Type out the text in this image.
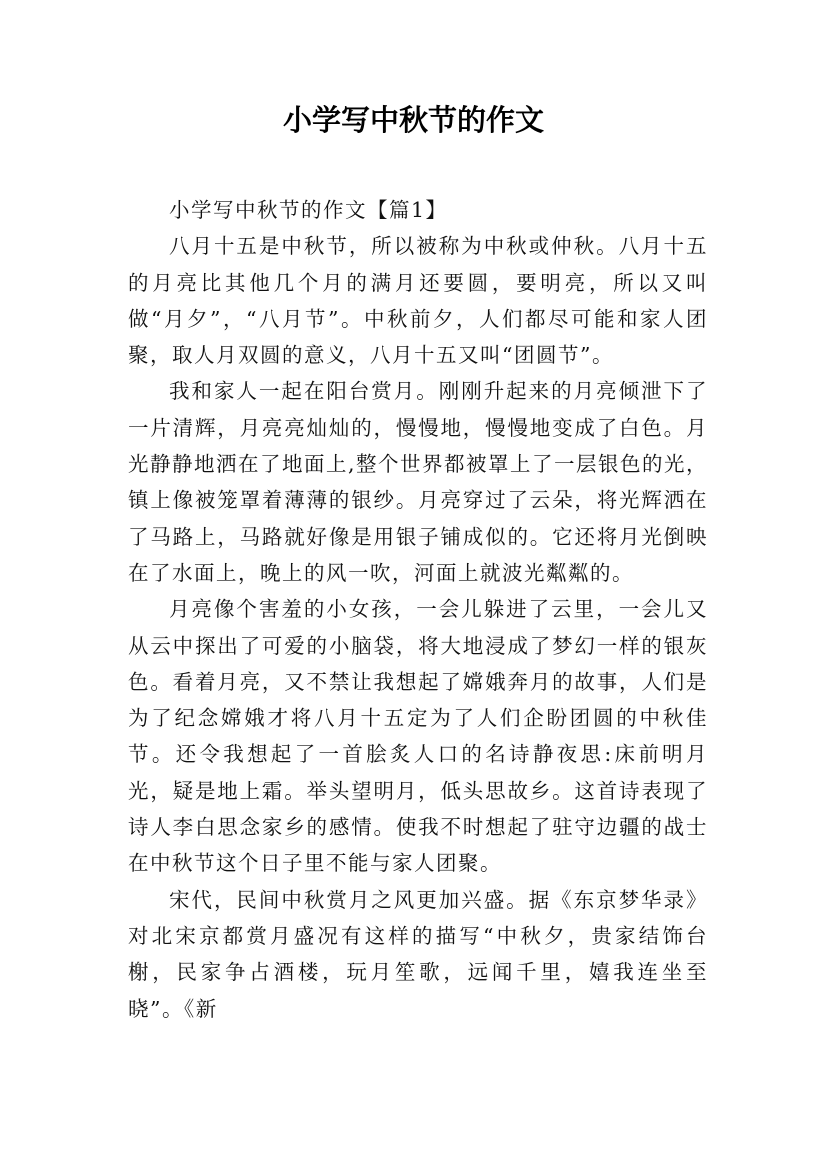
小学写中秋节的作文

小学写中秋节的作文【篇1】

八月十五是中秋节，所以被称为中秋或仲秋。八月十五的月亮比其他几个月的满月还要圆，要明亮，所以又叫做“月夕”，“八月节”。中秋前夕，人们都尽可能和家人团聚，取人月双圆的意义，八月十五又叫“团圆节”。

我和家人一起在阳台赏月。刚刚升起来的月亮倾泄下了一片清辉，月亮亮灿灿的，慢慢地，慢慢地变成了白色。月光静静地洒在了地面上,整个世界都被罩上了一层银色的光，镇上像被笼罩着薄薄的银纱。月亮穿过了云朵，将光辉洒在了马路上，马路就好像是用银子铺成似的。它还将月光倒映在了水面上，晚上的风一吹，河面上就波光粼粼的。

月亮像个害羞的小女孩，一会儿躲进了云里，一会儿又从云中探出了可爱的小脑袋，将大地浸成了梦幻一样的银灰色。看着月亮，又不禁让我想起了嫦娥奔月的故事，人们是为了纪念嫦娥才将八月十五定为了人们企盼团圆的中秋佳节。还令我想起了一首脍炙人口的名诗静夜思:床前明月光，疑是地上霜。举头望明月，低头思故乡。这首诗表现了诗人李白思念家乡的感情。使我不时想起了驻守边疆的战士在中秋节这个日子里不能与家人团聚。

宋代，民间中秋赏月之风更加兴盛。据《东京梦华录》对北宋京都赏月盛况有这样的描写“中秋夕，贵家结饰台榭，民家争占酒楼，玩月笙歌，远闻千里，嬉我连坐至晓”。《新
